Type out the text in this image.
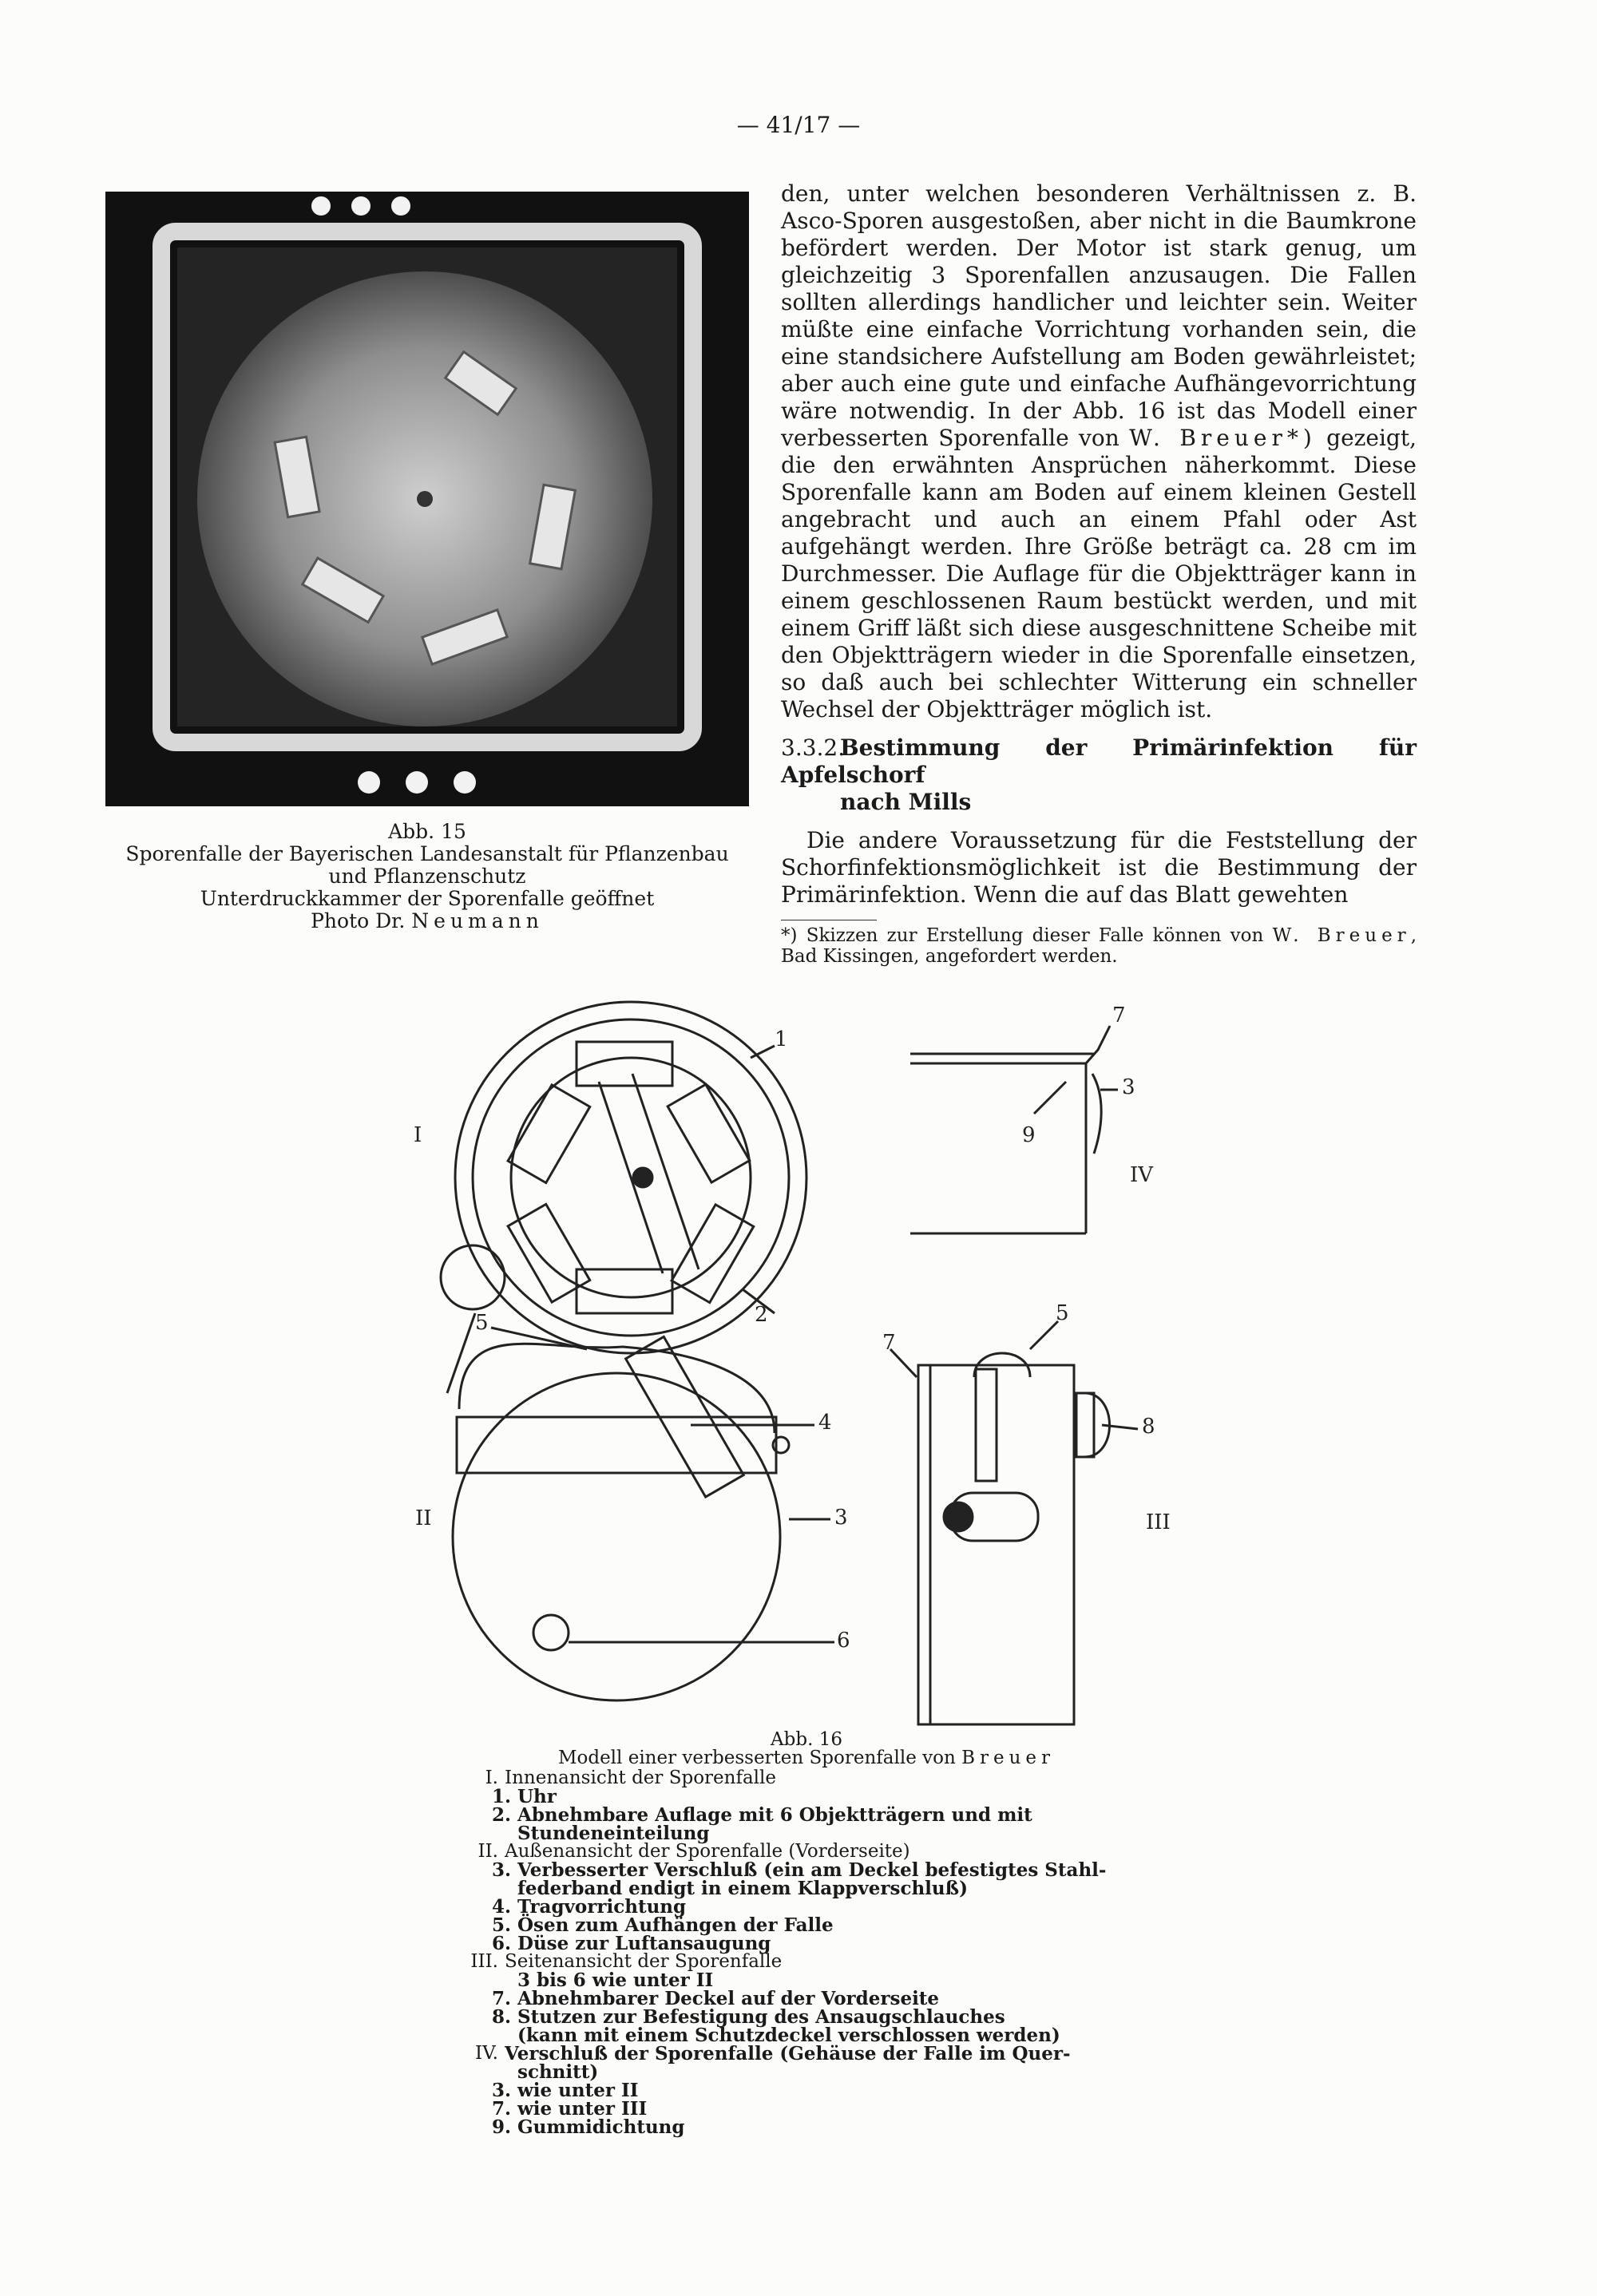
— 41/17 —
Abb. 15
Sporenfalle der Bayerischen Landesanstalt für Pflanzenbau
und Pflanzenschutz
Unterdruckkammer der Sporenfalle geöffnet
Photo Dr. Neumann

den, unter welchen besonderen Verhältnissen z. B. Asco-Sporen ausgestoßen, aber nicht in die Baumkrone befördert werden. Der Motor ist stark genug, um gleichzeitig 3 Sporenfallen anzusaugen. Die Fallen sollten allerdings handlicher und leichter sein. Weiter müßte eine einfache Vorrichtung vorhanden sein, die eine standsichere Aufstellung am Boden gewährleistet; aber auch eine gute und einfache Aufhängevorrichtung wäre notwendig. In der Abb. 16 ist das Modell einer verbesserten Sporenfalle von W. Breuer*) gezeigt, die den erwähnten Ansprüchen näherkommt. Diese Sporenfalle kann am Boden auf einem kleinen Gestell angebracht und auch an einem Pfahl oder Ast aufgehängt werden. Ihre Größe beträgt ca. 28 cm im Durchmesser. Die Auflage für die Objektträger kann in einem geschlossenen Raum bestückt werden, und mit einem Griff läßt sich diese ausgeschnittene Scheibe mit den Objektträgern wieder in die Sporenfalle einsetzen, so daß auch bei schlechter Witterung ein schneller Wechsel der Objektträger möglich ist.

3.3.2.Bestimmung der Primärinfektion für Apfelschorf
nach Mills

Die andere Voraussetzung für die Feststellung der Schorfinfektionsmöglichkeit ist die Bestimmung der Primärinfektion. Wenn die auf das Blatt gewehten

*) Skizzen zur Erstellung dieser Falle können von W. Breuer, Bad Kissingen, angefordert werden.
I
1
2
3
7
9
IV
II
5
4
3
6
7
5
8
III
Abb. 16
Modell einer verbesserten Sporenfalle von Breuer
I. Innenansicht der Sporenfalle
1. Uhr
2. Abnehmbare Auflage mit 6 Objektträgern und mit
Stundeneinteilung
II. Außenansicht der Sporenfalle (Vorderseite)
3. Verbesserter Verschluß (ein am Deckel befestigtes Stahl-
federband endigt in einem Klappverschluß)
4. Tragvorrichtung
5. Ösen zum Aufhängen der Falle
6. Düse zur Luftansaugung
III. Seitenansicht der Sporenfalle
3 bis 6 wie unter II
7. Abnehmbarer Deckel auf der Vorderseite
8. Stutzen zur Befestigung des Ansaugschlauches
(kann mit einem Schutzdeckel verschlossen werden)
IV. Verschluß der Sporenfalle (Gehäuse der Falle im Quer-
schnitt)
3. wie unter II
7. wie unter III
9. Gummidichtung
